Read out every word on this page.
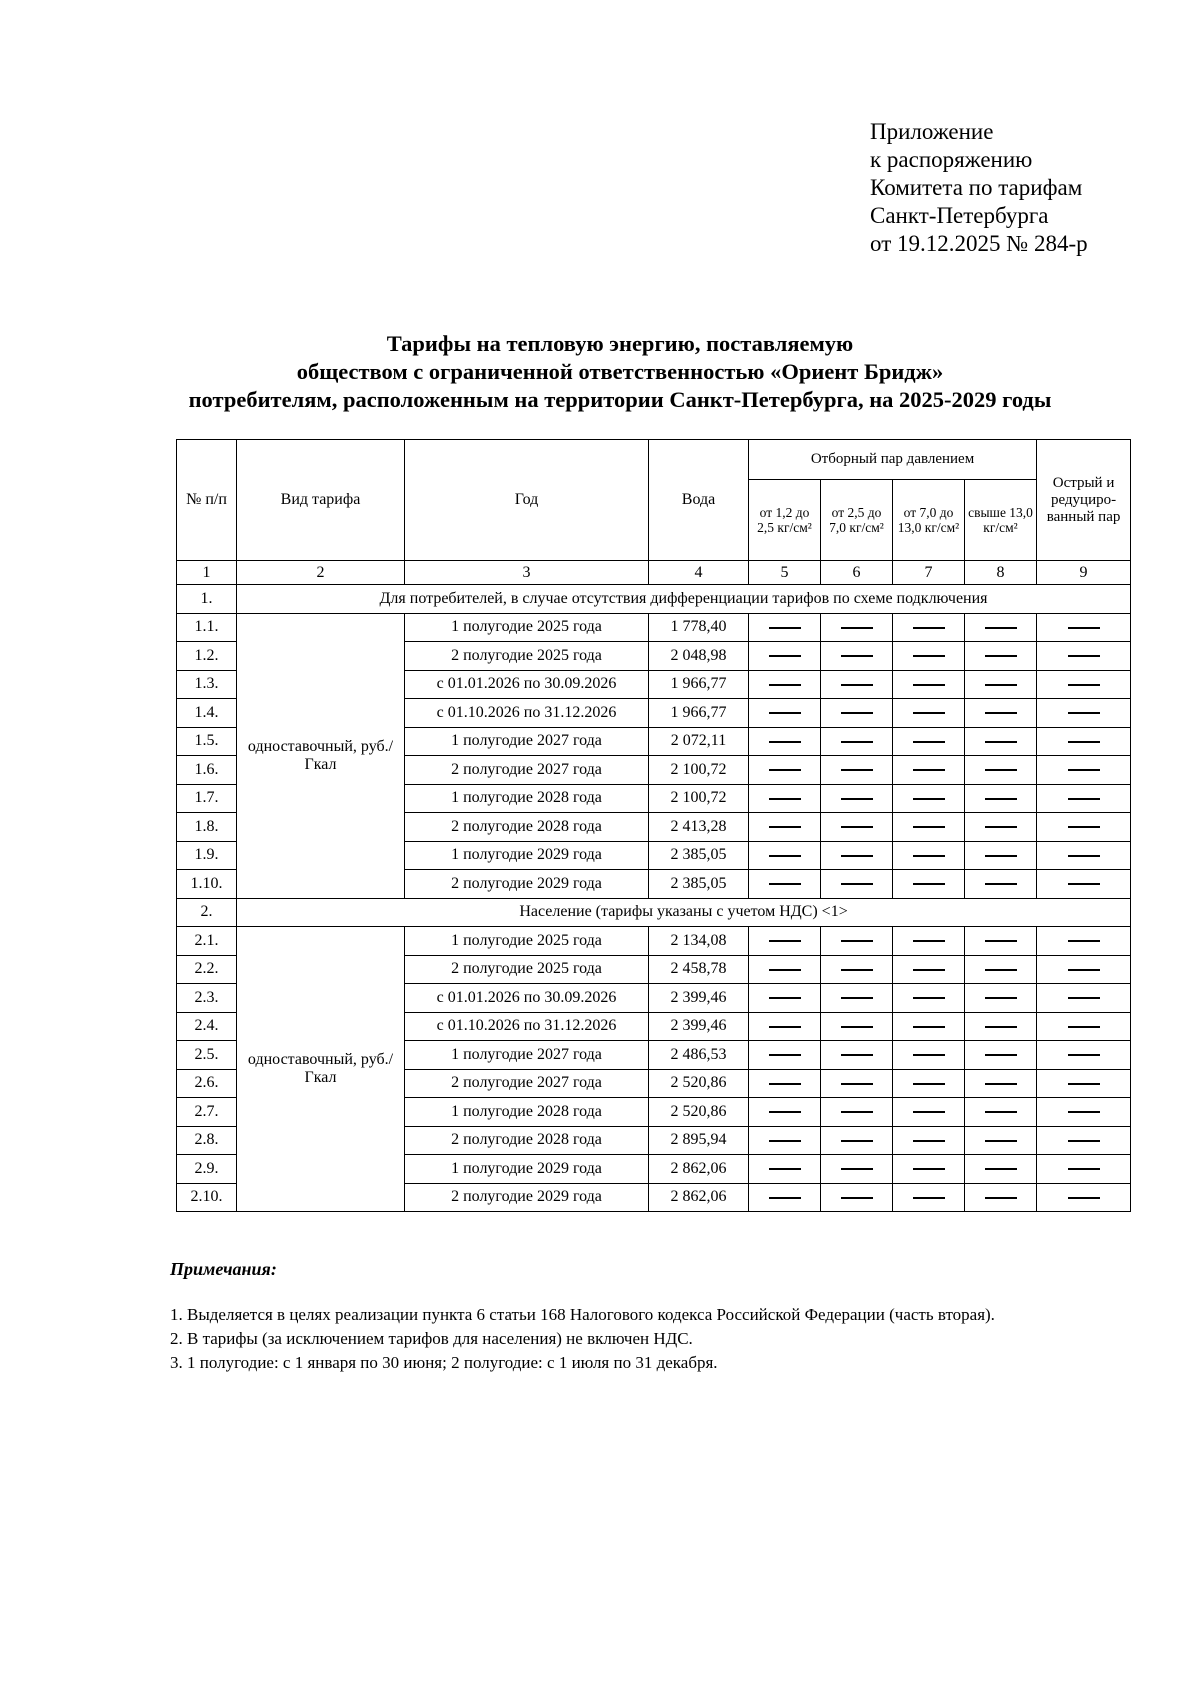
Приложение
к распоряжению
Комитета по тарифам
Санкт-Петербурга
от 19.12.2025 № 284-р
Тарифы на тепловую энергию, поставляемую
обществом с ограниченной ответственностью «Ориент Бридж»
потребителям, расположенным на территории Санкт-Петербурга, на 2025-2029 годы
№ п/п	Вид тарифа	Год	Вода	Отборный пар давлением				Острый и редуциро-ванный пар
				от 1,2 до 2,5 кг/см²	от 2,5 до 7,0 кг/см²	от 7,0 до 13,0 кг/см²	свыше 13,0 кг/см²	
1	2	3	4	5	6	7	8	9
1.	Для потребителей, в случае отсутствия дифференциации тарифов по схеме подключения							
1.1.	одноставочный, руб./Гкал	1 полугодие 2025 года	1 778,40					
1.2.		2 полугодие 2025 года	2 048,98					
1.3.		с 01.01.2026 по 30.09.2026	1 966,77					
1.4.		с 01.10.2026 по 31.12.2026	1 966,77					
1.5.		1 полугодие 2027 года	2 072,11					
1.6.		2 полугодие 2027 года	2 100,72					
1.7.		1 полугодие 2028 года	2 100,72					
1.8.		2 полугодие 2028 года	2 413,28					
1.9.		1 полугодие 2029 года	2 385,05					
1.10.		2 полугодие 2029 года	2 385,05					
2.	Население (тарифы указаны с учетом НДС) <1>							
2.1.	одноставочный, руб./Гкал	1 полугодие 2025 года	2 134,08					
2.2.		2 полугодие 2025 года	2 458,78					
2.3.		с 01.01.2026 по 30.09.2026	2 399,46					
2.4.		с 01.10.2026 по 31.12.2026	2 399,46					
2.5.		1 полугодие 2027 года	2 486,53					
2.6.		2 полугодие 2027 года	2 520,86					
2.7.		1 полугодие 2028 года	2 520,86					
2.8.		2 полугодие 2028 года	2 895,94					
2.9.		1 полугодие 2029 года	2 862,06					
2.10.		2 полугодие 2029 года	2 862,06					
Примечания:
1. Выделяется в целях реализации пункта 6 статьи 168 Налогового кодекса Российской Федерации (часть вторая).
2. В тарифы (за исключением тарифов для населения) не включен НДС.
3. 1 полугодие: с 1 января по 30 июня; 2 полугодие: с 1 июля по 31 декабря.
